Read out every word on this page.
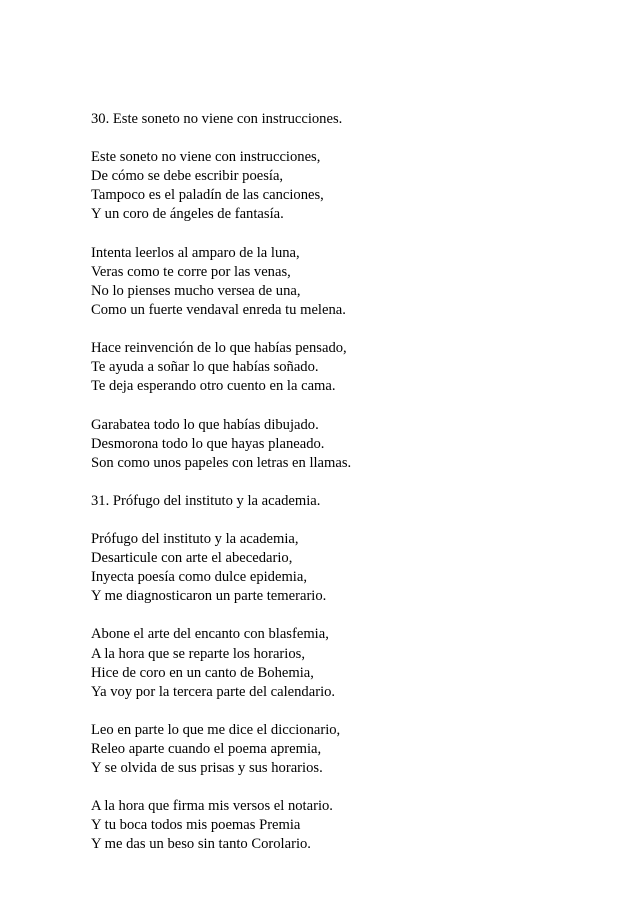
30. Este soneto no viene con instrucciones.

Este soneto no viene con instrucciones,
De cómo se debe escribir poesía,
Tampoco es el paladín de las canciones,
Y un coro de ángeles de fantasía.

Intenta leerlos al amparo de la luna,
Veras como te corre por las venas,
No lo pienses mucho versea de una,
Como un fuerte vendaval enreda tu melena.

Hace reinvención de lo que habías pensado,
Te ayuda a soñar lo que habías soñado.
Te deja esperando otro cuento en la cama.

Garabatea todo lo que habías dibujado.
Desmorona todo lo que hayas planeado.
Son como unos papeles con letras en llamas.

31. Prófugo del instituto y la academia.

Prófugo del instituto y la academia,
Desarticule con arte el abecedario,
Inyecta poesía como dulce epidemia,
Y me diagnosticaron un parte temerario.

Abone el arte del encanto con blasfemia,
A la hora que se reparte los horarios,
Hice de coro en un canto de Bohemia,
Ya voy por la tercera parte del calendario.

Leo en parte lo que me dice el diccionario,
Releo aparte cuando el poema apremia,
Y se olvida de sus prisas y sus horarios.

A la hora que firma mis versos el notario.
Y tu boca todos mis poemas Premia
Y me das un beso sin tanto Corolario.
